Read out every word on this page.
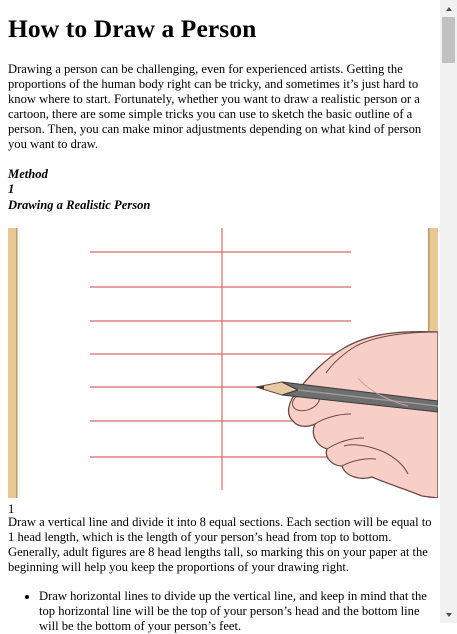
How to Draw a Person
Drawing a person can be challenging, even for experienced artists. Getting the proportions of the human body right can be tricky, and sometimes it’s just hard to know where to start. Fortunately, whether you want to draw a realistic person or a cartoon, there are some simple tricks you can use to sketch the basic outline of a person. Then, you can make minor adjustments depending on what kind of person you want to draw.
Method
1
Drawing a Realistic Person
1
Draw a vertical line and divide it into 8 equal sections. Each section will be equal to 1 head length, which is the length of your person’s head from top to bottom. Generally, adult figures are 8 head lengths tall, so marking this on your paper at the beginning will help you keep the proportions of your drawing right.
• Draw horizontal lines to divide up the vertical line, and keep in mind that the top horizontal line will be the top of your person’s head and the bottom line will be the bottom of your person’s feet.
